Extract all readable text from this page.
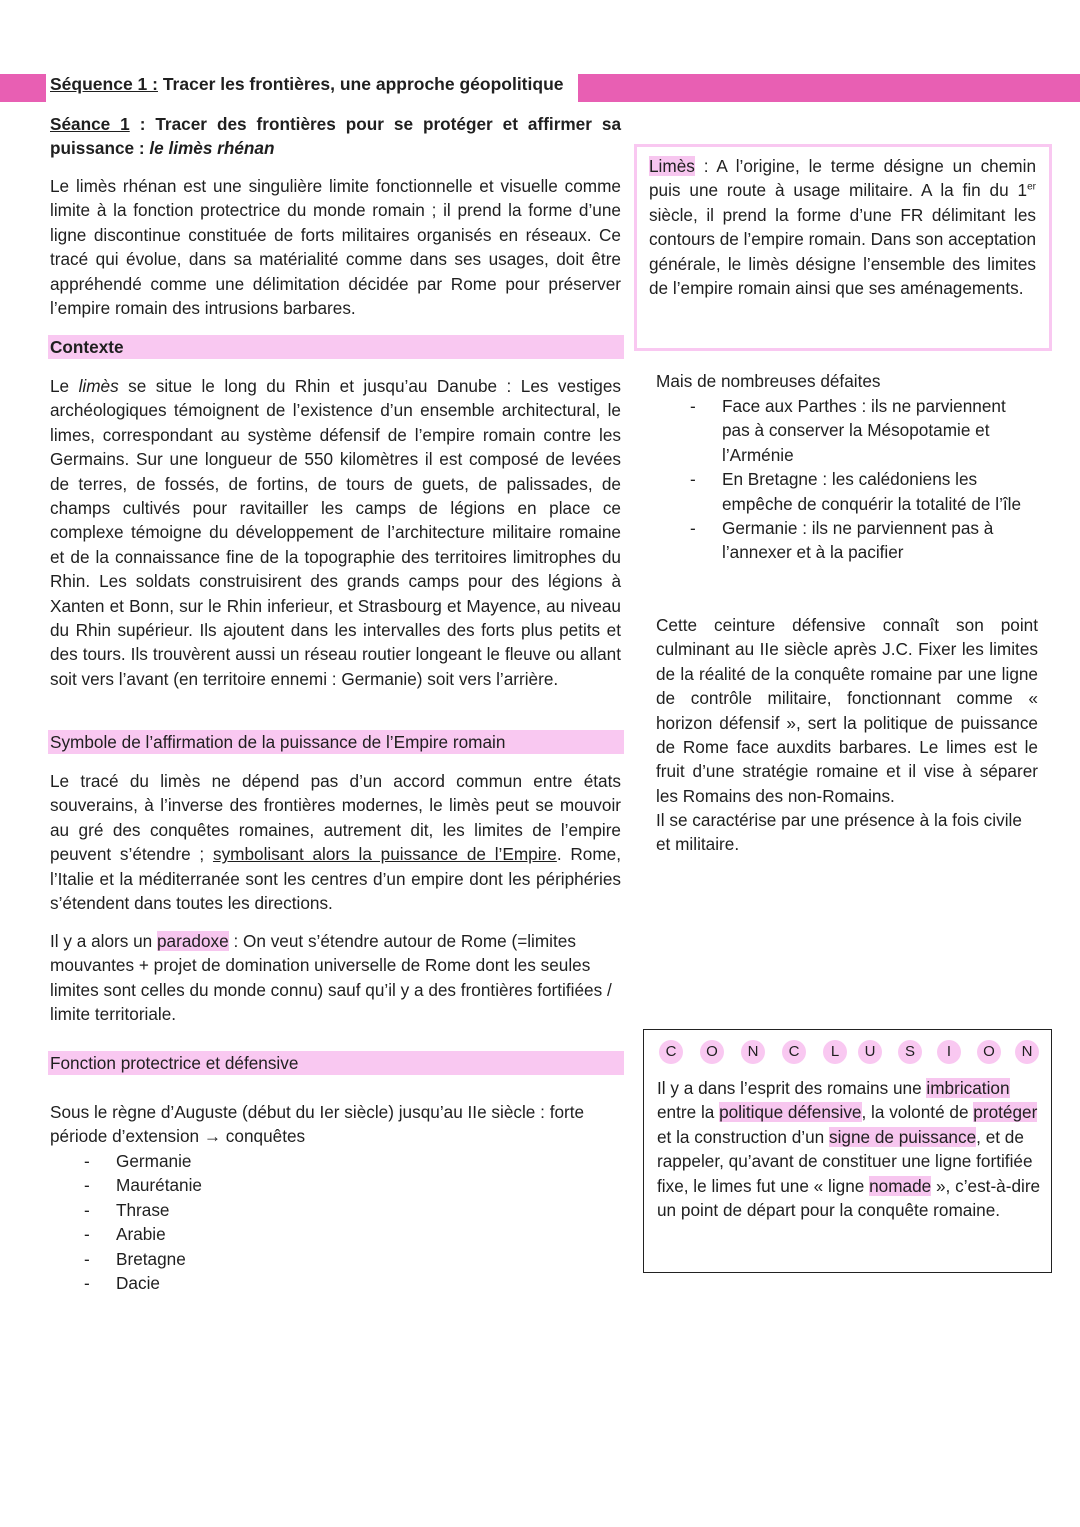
Séquence 1 : Tracer les frontières, une approche géopolitique
Séance 1 : Tracer des frontières pour se protéger et affirmer sa puissance : le limès rhénan
Le limès rhénan est une singulière limite fonctionnelle et visuelle comme limite à la fonction protectrice du monde romain ; il prend la forme d’une ligne discontinue constituée de forts militaires organisés en réseaux. Ce tracé qui évolue, dans sa matérialité comme dans ses usages, doit être appréhendé comme une délimitation décidée par Rome pour préserver l’empire romain des intrusions barbares.
Contexte
Le limès se situe le long du Rhin et jusqu’au Danube : Les vestiges archéologiques témoignent de l’existence d’un ensemble architectural, le limes, correspondant au système défensif de l’empire romain contre les Germains. Sur une longueur de 550 kilomètres il est composé de levées de terres, de fossés, de fortins, de tours de guets, de palissades, de champs cultivés pour ravitailler les camps de légions en place ce complexe témoigne du développement de l’architecture militaire romaine et de la connaissance fine de la topographie des territoires limitrophes du Rhin. Les soldats construisirent des grands camps pour des légions à Xanten et Bonn, sur le Rhin inferieur, et Strasbourg et Mayence, au niveau du Rhin supérieur. Ils ajoutent dans les intervalles des forts plus petits et des tours. Ils trouvèrent aussi un réseau routier longeant le fleuve ou allant soit vers l’avant (en territoire ennemi : Germanie) soit vers l’arrière.
Symbole de l’affirmation de la puissance de l’Empire romain
Le tracé du limès ne dépend pas d’un accord commun entre états souverains, à l’inverse des frontières modernes, le limès peut se mouvoir au gré des conquêtes romaines, autrement dit, les limites de l’empire peuvent s’étendre ; symbolisant alors la puissance de l’Empire. Rome, l’Italie et la méditerranée sont les centres d’un empire dont les périphéries s’étendent dans toutes les directions.
Il y a alors un paradoxe : On veut s’étendre autour de Rome (=limites mouvantes + projet de domination universelle de Rome dont les seules limites sont celles du monde connu) sauf qu’il y a des frontières fortifiées / limite territoriale.
Fonction protectrice et défensive
Sous le règne d’Auguste (début du Ier siècle) jusqu’au IIe siècle : forte période d’extension → conquêtes
- Germanie
- Maurétanie
- Thrase
- Arabie
- Bretagne
- Dacie
Limès : A l’origine, le terme désigne un chemin puis une route à usage militaire. A la fin du 1er siècle, il prend la forme d’une FR délimitant les contours de l’empire romain. Dans son acceptation générale, le limès désigne l’ensemble des limites de l’empire romain ainsi que ses aménagements.
Mais de nombreuses défaites
- Face aux Parthes : ils ne parviennent pas à conserver la Mésopotamie et l’Arménie
- En Bretagne : les calédoniens les empêche de conquérir la totalité de l’île
- Germanie : ils ne parviennent pas à l’annexer et à la pacifier
Cette ceinture défensive connaît son point culminant au IIe siècle après J.C. Fixer les limites de la réalité de la conquête romaine par une ligne de contrôle militaire, fonctionnant comme « horizon défensif », sert la politique de puissance de Rome face auxdits barbares. Le limes est le fruit d’une stratégie romaine et il vise à séparer les Romains des non-Romains.
Il se caractérise par une présence à la fois civile et militaire.
C	O	N	C	L	U	S	I	O	N
Il y a dans l’esprit des romains une imbrication entre la politique défensive, la volonté de protéger et la construction d’un signe de puissance, et de rappeler, qu’avant de constituer une ligne fortifiée fixe, le limes fut une « ligne nomade », c’est-à-dire un point de départ pour la conquête romaine.
